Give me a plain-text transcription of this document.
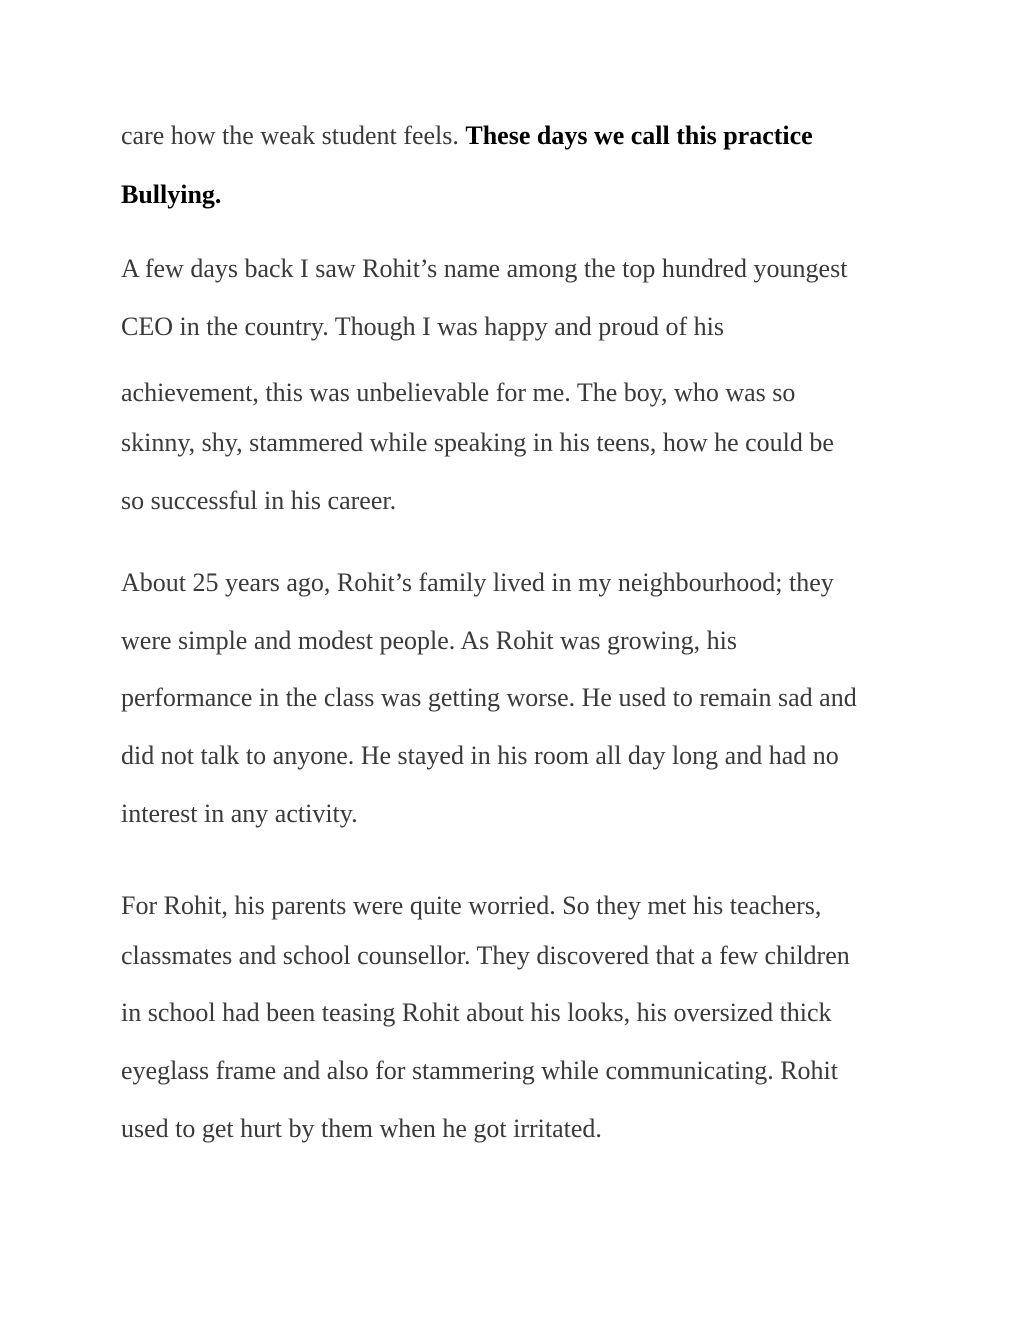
care how the weak student feels. These days we call this practice
Bullying.
A few days back I saw Rohit’s name among the top hundred youngest
CEO in the country. Though I was happy and proud of his
achievement, this was unbelievable for me. The boy, who was so
skinny, shy, stammered while speaking in his teens, how he could be
so successful in his career.
About 25 years ago, Rohit’s family lived in my neighbourhood; they
were simple and modest people. As Rohit was growing, his
performance in the class was getting worse. He used to remain sad and
did not talk to anyone. He stayed in his room all day long and had no
interest in any activity.
For Rohit, his parents were quite worried. So they met his teachers,
classmates and school counsellor. They discovered that a few children
in school had been teasing Rohit about his looks, his oversized thick
eyeglass frame and also for stammering while communicating. Rohit
used to get hurt by them when he got irritated.
